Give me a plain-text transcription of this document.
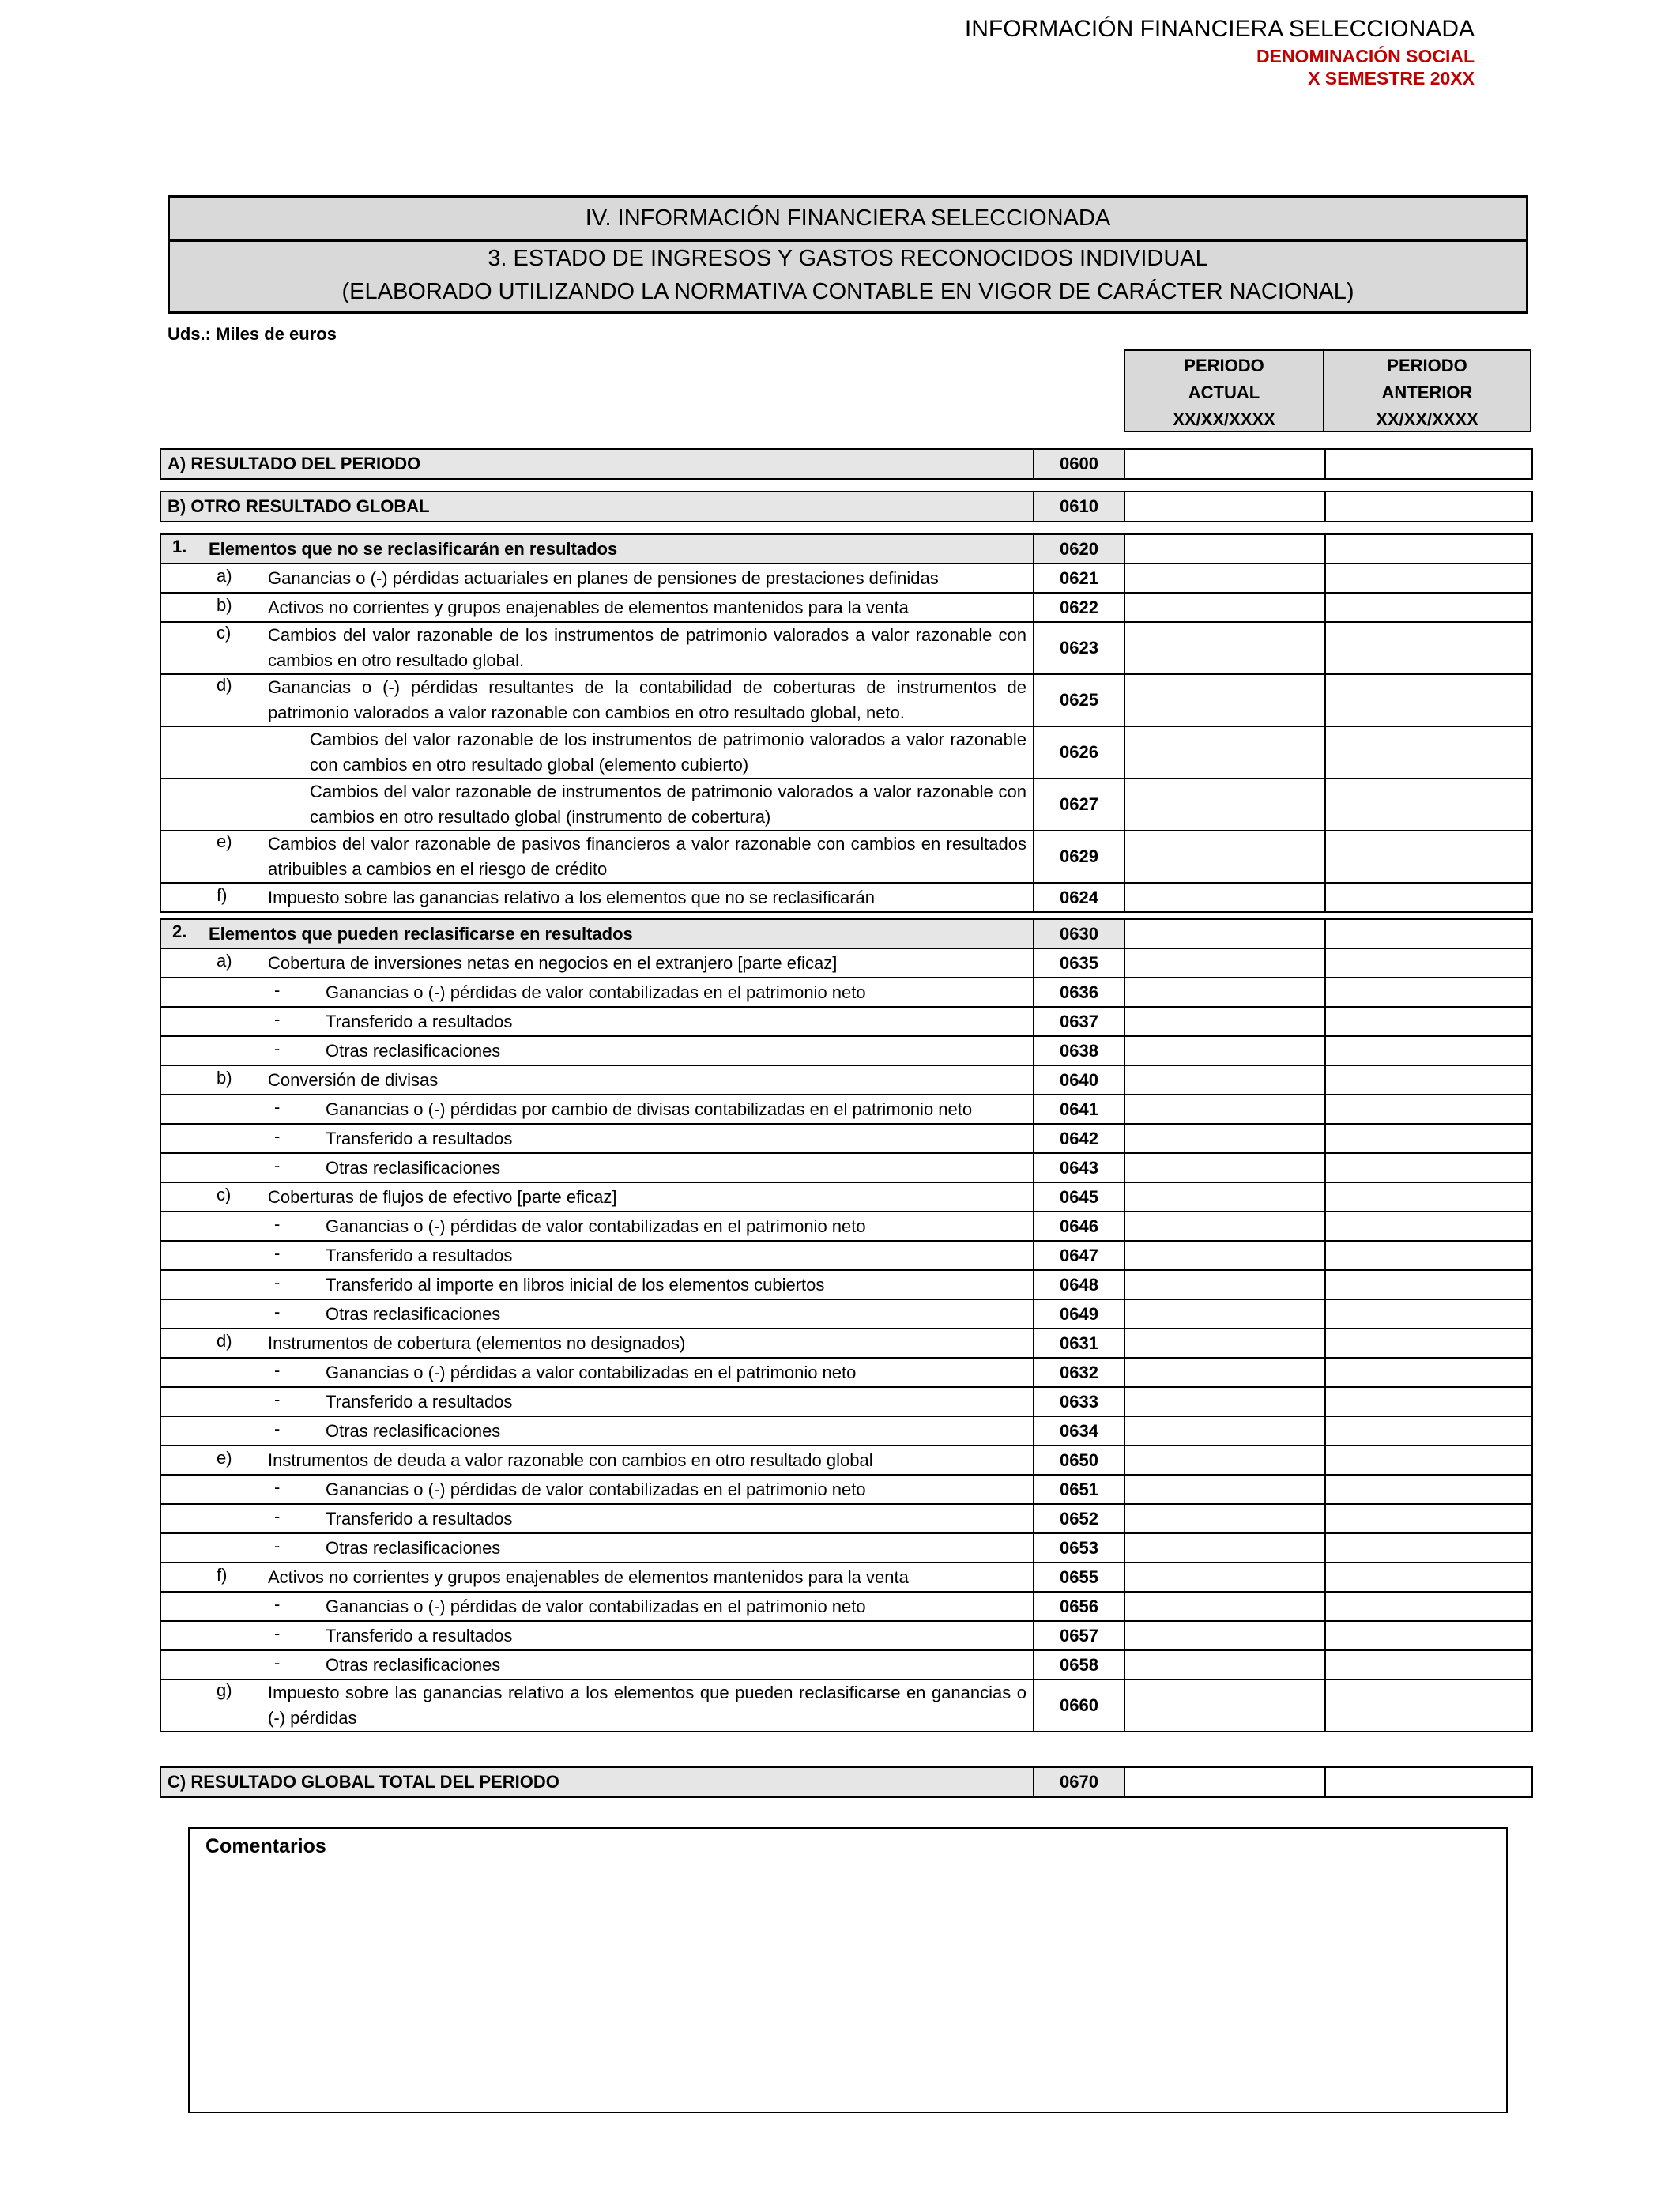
INFORMACIÓN FINANCIERA SELECCIONADA
DENOMINACIÓN SOCIAL
X SEMESTRE 20XX
IV. INFORMACIÓN FINANCIERA SELECCIONADA
3. ESTADO DE INGRESOS Y GASTOS RECONOCIDOS INDIVIDUAL
(ELABORADO UTILIZANDO LA NORMATIVA CONTABLE EN VIGOR DE CARÁCTER NACIONAL)
Uds.: Miles de euros
PERIODO
ACTUAL
XX/XX/XXXX
PERIODO
ANTERIOR
XX/XX/XXXX
A) RESULTADO DEL PERIODO	0600		
B) OTRO RESULTADO GLOBAL	0610		
1. Elementos que no se reclasificarán en resultados	0620		

a) Ganancias o (-) pérdidas actuariales en planes de pensiones de prestaciones definidas	0621		

b) Activos no corrientes y grupos enajenables de elementos mantenidos para la venta	0622		

c) Cambios del valor razonable de los instrumentos de patrimonio valorados a valor razonable con cambios en otro resultado global.	0623		

d) Ganancias o (-) pérdidas resultantes de la contabilidad de coberturas de instrumentos de patrimonio valorados a valor razonable con cambios en otro resultado global, neto.	0625		

Cambios del valor razonable de los instrumentos de patrimonio valorados a valor razonable con cambios en otro resultado global (elemento cubierto)	0626		

Cambios del valor razonable de instrumentos de patrimonio valorados a valor razonable con cambios en otro resultado global (instrumento de cobertura)	0627		

e) Cambios del valor razonable de pasivos financieros a valor razonable con cambios en resultados atribuibles a cambios en el riesgo de crédito	0629		

f) Impuesto sobre las ganancias relativo a los elementos que no se reclasificarán	0624		
2. Elementos que pueden reclasificarse en resultados	0630		

a) Cobertura de inversiones netas en negocios en el extranjero [parte eficaz]	0635		

- Ganancias o (-) pérdidas de valor contabilizadas en el patrimonio neto	0636		

- Transferido a resultados	0637		

- Otras reclasificaciones	0638		

b) Conversión de divisas	0640		

- Ganancias o (-) pérdidas por cambio de divisas contabilizadas en el patrimonio neto	0641		

- Transferido a resultados	0642		

- Otras reclasificaciones	0643		

c) Coberturas de flujos de efectivo [parte eficaz]	0645		

- Ganancias o (-) pérdidas de valor contabilizadas en el patrimonio neto	0646		

- Transferido a resultados	0647		

- Transferido al importe en libros inicial de los elementos cubiertos	0648		

- Otras reclasificaciones	0649		

d) Instrumentos de cobertura (elementos no designados)	0631		

- Ganancias o (-) pérdidas a valor contabilizadas en el patrimonio neto	0632		

- Transferido a resultados	0633		

- Otras reclasificaciones	0634		

e) Instrumentos de deuda a valor razonable con cambios en otro resultado global	0650		

- Ganancias o (-) pérdidas de valor contabilizadas en el patrimonio neto	0651		

- Transferido a resultados	0652		

- Otras reclasificaciones	0653		

f) Activos no corrientes y grupos enajenables de elementos mantenidos para la venta	0655		

- Ganancias o (-) pérdidas de valor contabilizadas en el patrimonio neto	0656		

- Transferido a resultados	0657		

- Otras reclasificaciones	0658		

g) Impuesto sobre las ganancias relativo a los elementos que pueden reclasificarse en ganancias o (-) pérdidas	0660		
C) RESULTADO GLOBAL TOTAL DEL PERIODO	0670		
Comentarios
